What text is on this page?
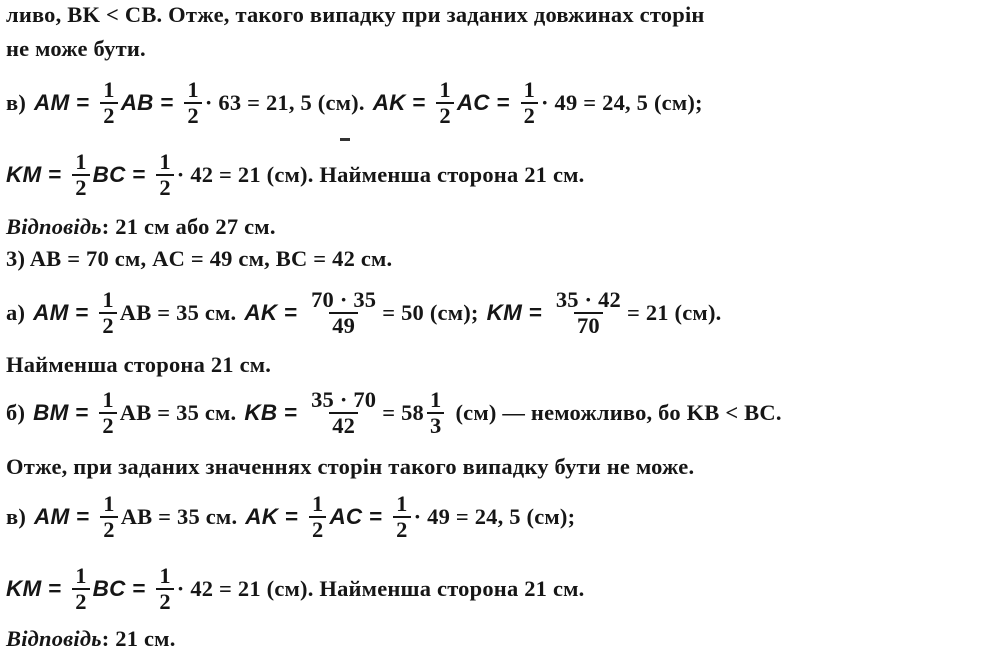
ливо, BK < CB. Отже, такого випадку при заданих довжинах сторін
не може бути.
в) AM = $\frac{1}{2}$ AB = $\frac{1}{2} \cdot 63 = 21$, 5 (см). AK = $\frac{1}{2}$ AC = $\frac{1}{2} \cdot 49 = 24$, 5 (см);
KM = $\frac{1}{2}$ BC = $\frac{1}{2} \cdot 42 = 21$ (см). Найменша сторона 21 см.
Відповідь: 21 см або 27 см.
3) AB = 70 см, AC = 49 см, BC = 42 см.
а) AM = $\frac{1}{2}$ AB = 35 см. AK = $\frac{70 \cdot 35}{49} = 50$ (см); KM = $\frac{35 \cdot 42}{70} = 21$ (см).
Найменша сторона 21 см.
б) BM = $\frac{1}{2}$ AB = 35 см. KB = $\frac{35 \cdot 70}{42} = 58 \frac{1}{3} (см)$ — неможливо, бо KB < BC.
Отже, при заданих значеннях сторін такого випадку бути не може.
в) AM = $\frac{1}{2}$ AB = 35 см. AK = $\frac{1}{2}$ AC = $\frac{1}{2} \cdot 49 = 24$, 5 (см);
KM = $\frac{1}{2}$ BC = $\frac{1}{2} \cdot 42 = 21$ (см). Найменша сторона 21 см.
Відповідь: 21 см.
